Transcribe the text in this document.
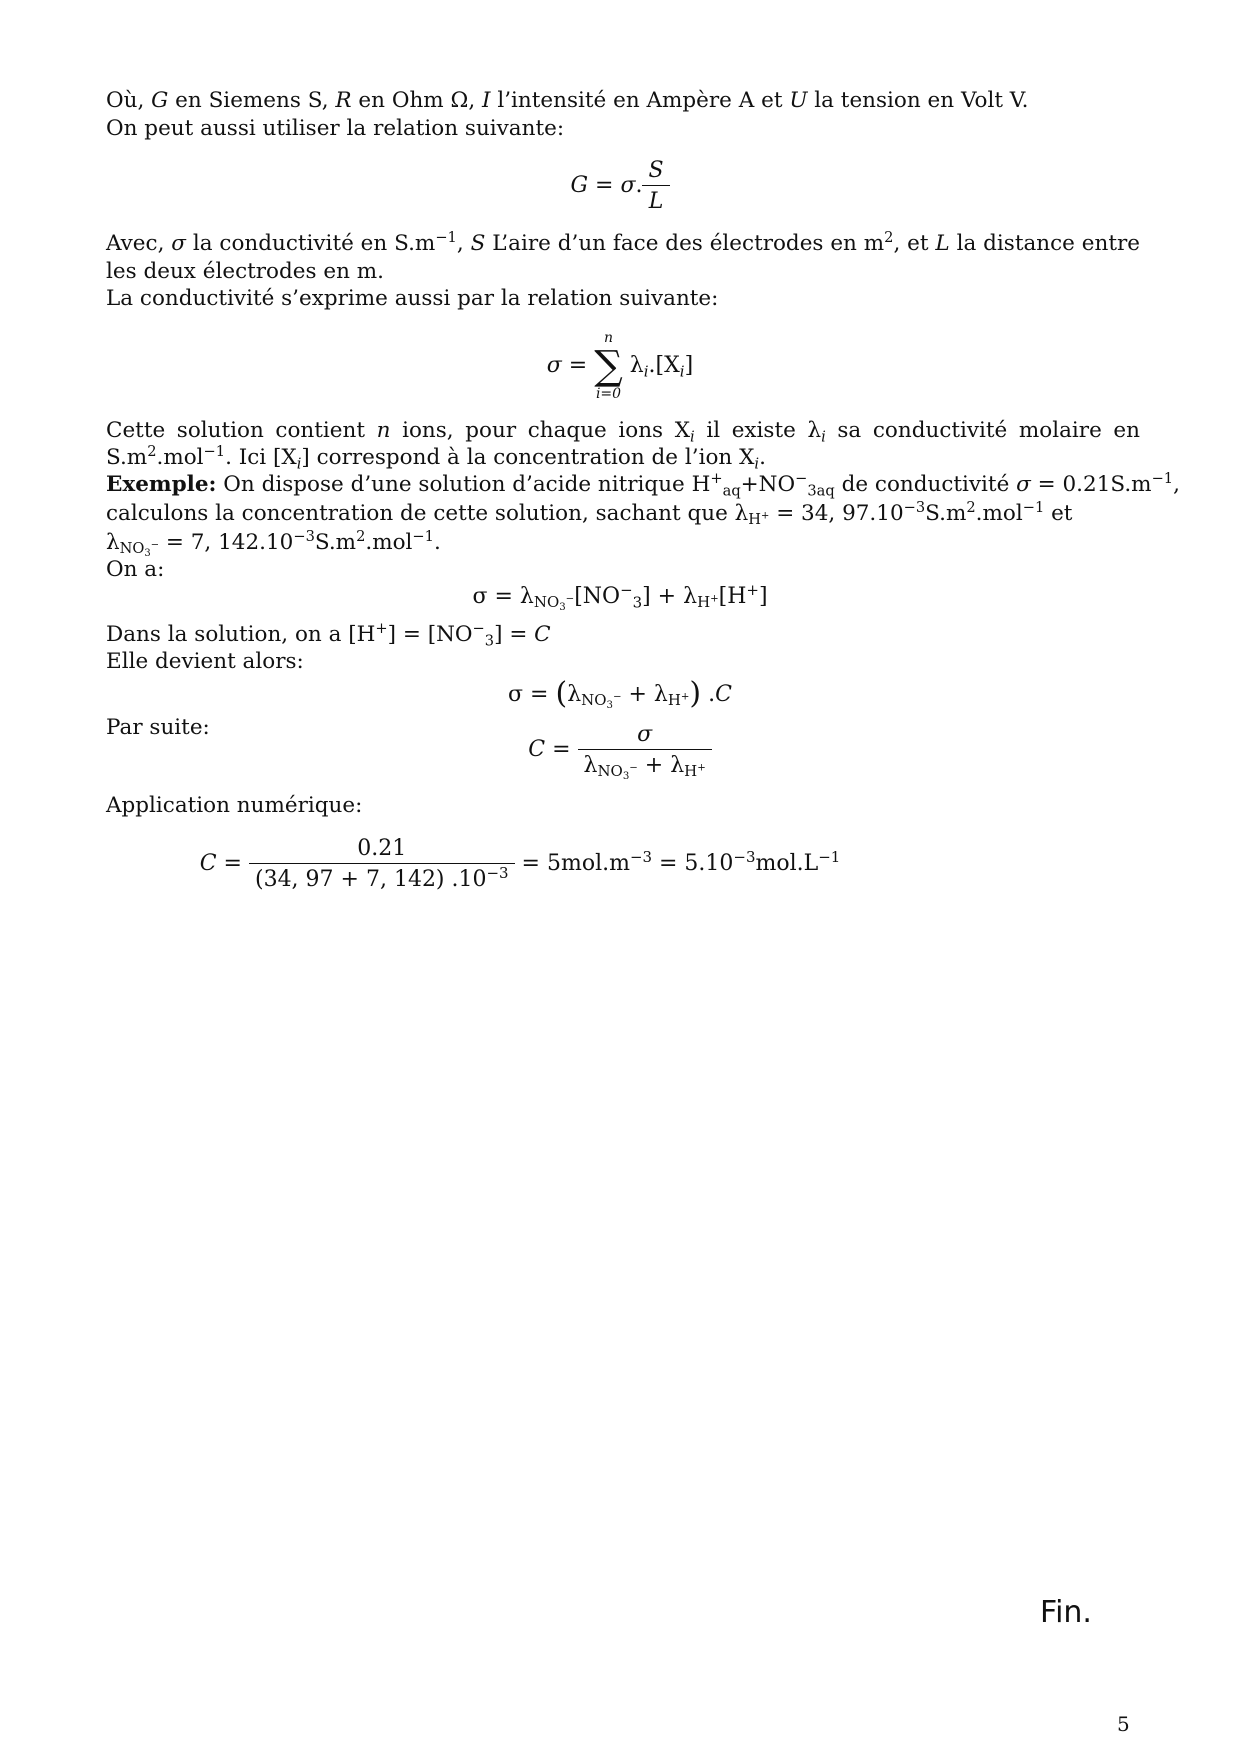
Où, G en Siemens S, R en Ohm Ω, I l’intensité en Ampère A et U la tension en Volt V.
On peut aussi utiliser la relation suivante:
G = σ. $\frac{S}{L}$
Avec, σ la conductivité en $S.m^{-1}$, S L’aire d’un face des électrodes en $m^2$, et L la distance entre
les deux électrodes en m.
La conductivité s’exprime aussi par la relation suivante:
σ =
n
∑
i=0
$\lambda_i.[X_i]$
Cette solution contient n ions, pour chaque ions $X_i$ il existe $\lambda_i$ sa conductivité molaire en
$S.m^2.mol^{-1}$. Ici $[X_i]$ correspond à la concentration de l’ion $X_i$.
Exemple: On dispose d’une solution d’acide nitrique $H^+_{aq}+NO^-_{3aq}$ de conductivité $\sigma = 0.21S.m^{-1}$,
calculons la concentration de cette solution, sachant que $\lambda_{H^+} = 34$, $97.10^{-3}S.m^2.mol^{-1}$ et
$\lambda_{NO_3^-} = 7$, $142.10^{-3}S.m^2.mol^{-1}$.
On a:
$\sigma = \lambda_{NO_3^-}[NO^-_3] + \lambda_{H^+}[H^+]$
Dans la solution, on a $[H^+] = [NO^-_3] = C$
Elle devient alors:
$\sigma = (\lambda_{NO_3^-} + \lambda_{H^+})$ .C
Par suite:
$C = \frac{\sigma}{\lambda_{NO_3^-} + \lambda_{H^+}}$
Application numérique:
$C = \frac{0.21}{(34, 97 + 7, 142) .10^{-3}} = 5mol.m^{-3} = 5.10^{-3}mol.L^{-1}$
Fin.
5
